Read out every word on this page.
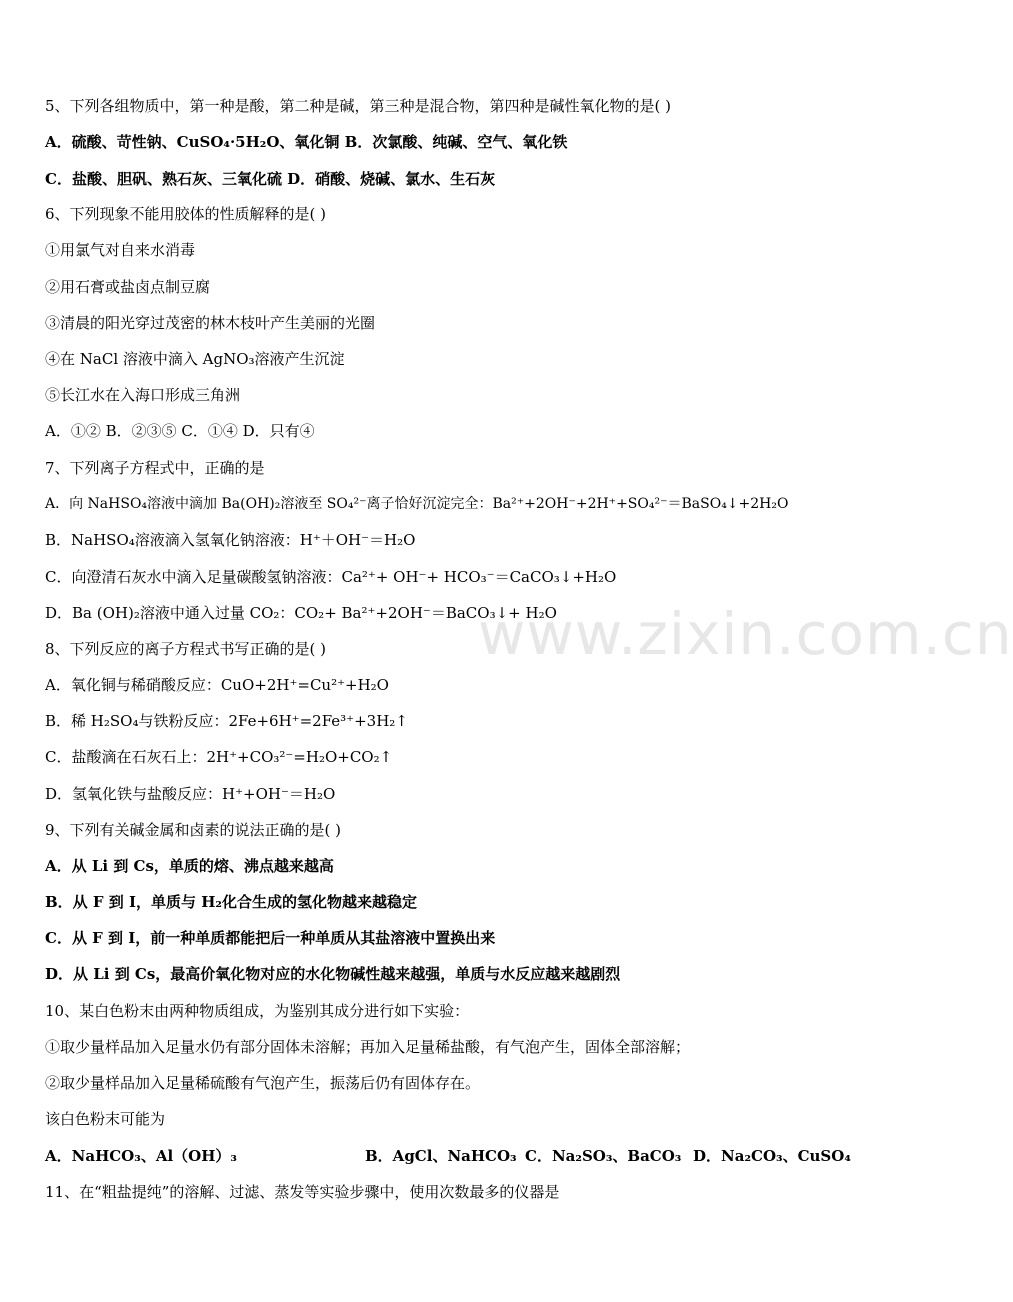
www.zixin.com.cn
5、下列各组物质中，第一种是酸，第二种是碱，第三种是混合物，第四种是碱性氧化物的是( )
A．硫酸、苛性钠、CuSO₄·5H₂O、氧化铜 B．次氯酸、纯碱、空气、氧化铁
C．盐酸、胆矾、熟石灰、三氧化硫 D．硝酸、烧碱、氯水、生石灰
6、下列现象不能用胶体的性质解释的是( )
①用氯气对自来水消毒
②用石膏或盐卤点制豆腐
③清晨的阳光穿过茂密的林木枝叶产生美丽的光圈
④在 NaCl 溶液中滴入 AgNO₃溶液产生沉淀
⑤长江水在入海口形成三角洲
A．①② B．②③⑤ C．①④ D．只有④
7、下列离子方程式中，正确的是
A．向 NaHSO₄溶液中滴加 Ba(OH)₂溶液至 SO₄²⁻离子恰好沉淀完全：Ba²⁺+2OH⁻+2H⁺+SO₄²⁻＝BaSO₄↓+2H₂O
B．NaHSO₄溶液滴入氢氧化钠溶液：H⁺＋OH⁻＝H₂O
C．向澄清石灰水中滴入足量碳酸氢钠溶液：Ca²⁺+ OH⁻+ HCO₃⁻＝CaCO₃↓+H₂O
D．Ba (OH)₂溶液中通入过量 CO₂：CO₂+ Ba²⁺+2OH⁻＝BaCO₃↓+ H₂O
8、下列反应的离子方程式书写正确的是( )
A．氧化铜与稀硝酸反应：CuO+2H⁺=Cu²⁺+H₂O
B．稀 H₂SO₄与铁粉反应：2Fe+6H⁺=2Fe³⁺+3H₂↑
C．盐酸滴在石灰石上：2H⁺+CO₃²⁻=H₂O+CO₂↑
D．氢氧化铁与盐酸反应：H⁺+OH⁻＝H₂O
9、下列有关碱金属和卤素的说法正确的是( )
A．从 Li 到 Cs，单质的熔、沸点越来越高
B．从 F 到 I，单质与 H₂化合生成的氢化物越来越稳定
C．从 F 到 I，前一种单质都能把后一种单质从其盐溶液中置换出来
D．从 Li 到 Cs，最高价氧化物对应的水化物碱性越来越强，单质与水反应越来越剧烈
10、某白色粉末由两种物质组成，为鉴别其成分进行如下实验：
①取少量样品加入足量水仍有部分固体未溶解；再加入足量稀盐酸，有气泡产生，固体全部溶解；
②取少量样品加入足量稀硫酸有气泡产生，振荡后仍有固体存在。
该白色粉末可能为
A．NaHCO₃、Al（OH）₃	B．AgCl、NaHCO₃ C．Na₂SO₃、BaCO₃ D．Na₂CO₃、CuSO₄
11、在“粗盐提纯”的溶解、过滤、蒸发等实验步骤中，使用次数最多的仪器是
